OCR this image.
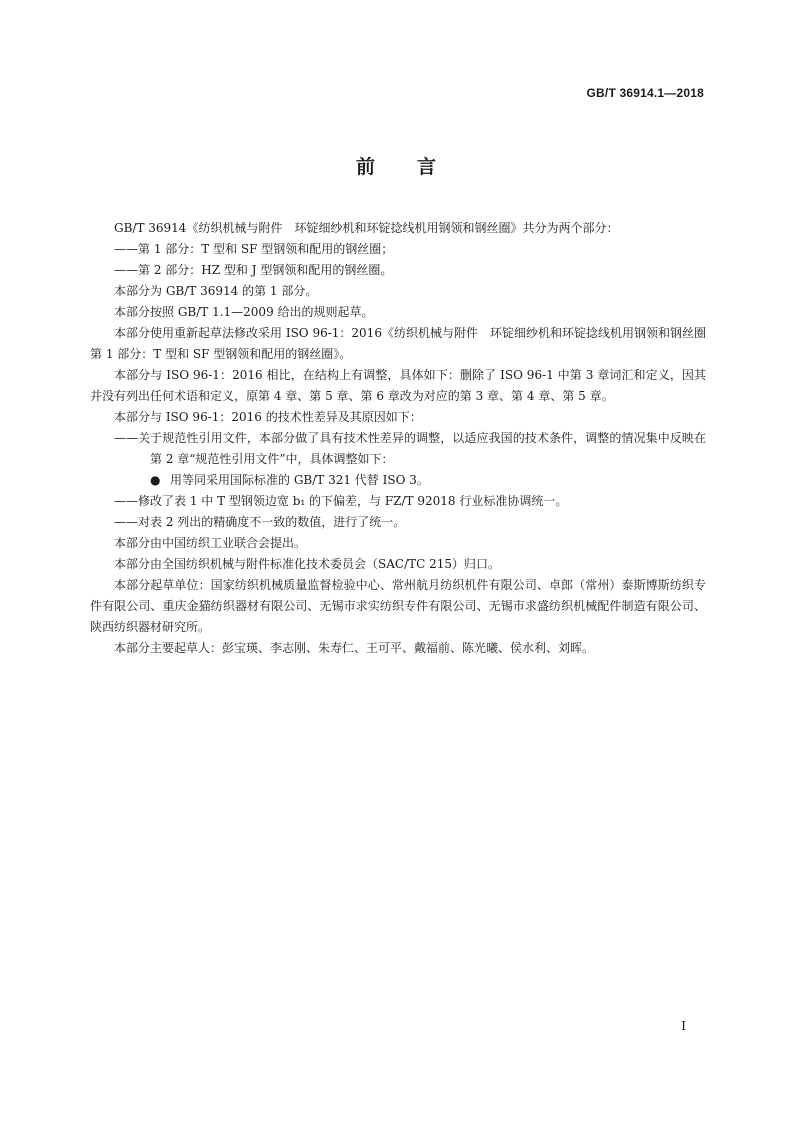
GB/T 36914.1—2018
前 言

GB/T 36914《纺织机械与附件　环锭细纱机和环锭捻线机用钢领和钢丝圈》共分为两个部分：

——第 1 部分：T 型和 SF 型钢领和配用的钢丝圈；

——第 2 部分：HZ 型和 J 型钢领和配用的钢丝圈。

本部分为 GB/T 36914 的第 1 部分。

本部分按照 GB/T 1.1—2009 给出的规则起草。

本部分使用重新起草法修改采用 ISO 96-1：2016《纺织机械与附件　环锭细纱机和环锭捻线机用钢领和钢丝圈　第 1 部分：T 型和 SF 型钢领和配用的钢丝圈》。

本部分与 ISO 96-1：2016 相比，在结构上有调整，具体如下：删除了 ISO 96-1 中第 3 章词汇和定义，因其并没有列出任何术语和定义，原第 4 章、第 5 章、第 6 章改为对应的第 3 章、第 4 章、第 5 章。

本部分与 ISO 96-1：2016 的技术性差异及其原因如下：

——关于规范性引用文件，本部分做了具有技术性差异的调整，以适应我国的技术条件，调整的情况集中反映在第 2 章“规范性引用文件”中，具体调整如下：

● 用等同采用国际标准的 GB/T 321 代替 ISO 3。

——修改了表 1 中 T 型钢领边宽 b₁ 的下偏差，与 FZ/T 92018 行业标准协调统一。

——对表 2 列出的精确度不一致的数值，进行了统一。

本部分由中国纺织工业联合会提出。

本部分由全国纺织机械与附件标准化技术委员会（SAC/TC 215）归口。

本部分起草单位：国家纺织机械质量监督检验中心、常州航月纺织机件有限公司、卓郎（常州）泰斯博斯纺织专件有限公司、重庆金猫纺织器材有限公司、无锡市求实纺织专件有限公司、无锡市求盛纺织机械配件制造有限公司、陕西纺织器材研究所。

本部分主要起草人：彭宝瑛、李志刚、朱寿仁、王可平、戴福前、陈光曦、侯水利、刘晖。

I
